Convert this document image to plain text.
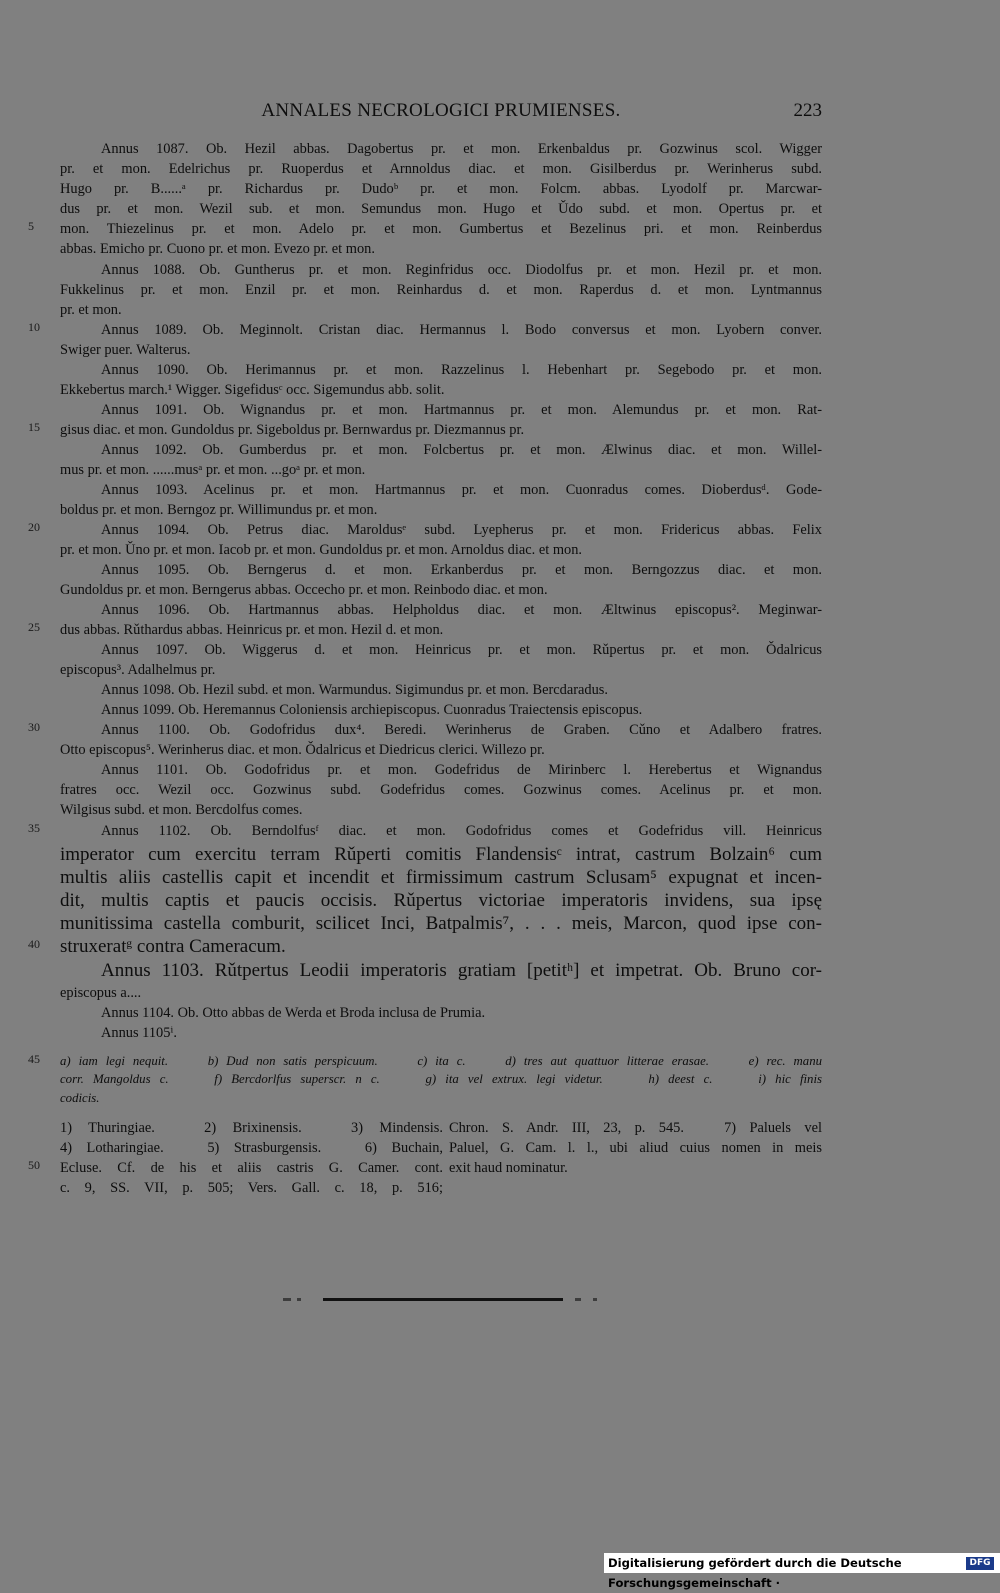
ANNALES NECROLOGICI PRUMIENSES.	223
Annus 1087. Ob. Hezil abbas. Dagobertus pr. et mon. Erkenbaldus pr. Gozwinus scol. Wigger
pr. et mon. Edelrichus pr. Ruoperdus et Arnnoldus diac. et mon. Gisilberdus pr. Werinherus subd.
Hugo pr. B......ᵃ pr. Richardus pr. Dudoᵇ pr. et mon. Folcm. abbas. Lyodolf pr. Marcwar-
dus pr. et mon. Wezil sub. et mon. Semundus mon. Hugo et Ǔdo subd. et mon. Opertus pr. et
mon. Thiezelinus pr. et mon. Adelo pr. et mon. Gumbertus et Bezelinus pri. et mon. Reinberdus
5
abbas. Emicho pr. Cuono pr. et mon. Evezo pr. et mon.
Annus 1088. Ob. Guntherus pr. et mon. Reginfridus occ. Diodolfus pr. et mon. Hezil pr. et mon.
Fukkelinus pr. et mon. Enzil pr. et mon. Reinhardus d. et mon. Raperdus d. et mon. Lyntmannus
pr. et mon.
Annus 1089. Ob. Meginnolt. Cristan diac. Hermannus l. Bodo conversus et mon. Lyobern conver.
10
Swiger puer. Walterus.
Annus 1090. Ob. Herimannus pr. et mon. Razzelinus l. Hebenhart pr. Segebodo pr. et mon.
Ekkebertus march.¹ Wigger. Sigefidusᶜ occ. Sigemundus abb. solit.
Annus 1091. Ob. Wignandus pr. et mon. Hartmannus pr. et mon. Alemundus pr. et mon. Rat-
gisus diac. et mon. Gundoldus pr. Sigeboldus pr. Bernwardus pr. Diezmannus pr.
15
Annus 1092. Ob. Gumberdus pr. et mon. Folcbertus pr. et mon. Ælwinus diac. et mon. Willel-
mus pr. et mon. ......musᵃ pr. et mon. ...goᵃ pr. et mon.
Annus 1093. Acelinus pr. et mon. Hartmannus pr. et mon. Cuonradus comes. Dioberdusᵈ. Gode-
boldus pr. et mon. Berngoz pr. Willimundus pr. et mon.
Annus 1094. Ob. Petrus diac. Maroldusᵉ subd. Lyepherus pr. et mon. Fridericus abbas. Felix
20
pr. et mon. Ǔno pr. et mon. Iacob pr. et mon. Gundoldus pr. et mon. Arnoldus diac. et mon.
Annus 1095. Ob. Berngerus d. et mon. Erkanberdus pr. et mon. Berngozzus diac. et mon.
Gundoldus pr. et mon. Berngerus abbas. Occecho pr. et mon. Reinbodo diac. et mon.
Annus 1096. Ob. Hartmannus abbas. Helpholdus diac. et mon. Æltwinus episcopus². Meginwar-
dus abbas. Rǔthardus abbas. Heinricus pr. et mon. Hezil d. et mon.
25
Annus 1097. Ob. Wiggerus d. et mon. Heinricus pr. et mon. Rǔpertus pr. et mon. Ǒdalricus
episcopus³. Adalhelmus pr.
Annus 1098. Ob. Hezil subd. et mon. Warmundus. Sigimundus pr. et mon. Bercdaradus.
Annus 1099. Ob. Heremannus Coloniensis archiepiscopus. Cuonradus Traiectensis episcopus.
Annus 1100. Ob. Godofridus dux⁴. Beredi. Werinherus de Graben. Cǔno et Adalbero fratres.
30
Otto episcopus⁵. Werinherus diac. et mon. Ǒdalricus et Diedricus clerici. Willezo pr.
Annus 1101. Ob. Godofridus pr. et mon. Godefridus de Mirinberc l. Herebertus et Wignandus
fratres occ. Wezil occ. Gozwinus subd. Godefridus comes. Gozwinus comes. Acelinus pr. et mon.
Wilgisus subd. et mon. Bercdolfus comes.
Annus 1102. Ob. Berndolfusᶠ diac. et mon. Godofridus comes et Godefridus vill. Heinricus
35
imperator cum exercitu terram Rǔperti comitis Flandensisᶜ intrat, castrum Bolzain⁶ cum
multis aliis castellis capit et incendit et firmissimum castrum Sclusam⁵ expugnat et incen-
dit, multis captis et paucis occisis. Rǔpertus victoriae imperatoris invidens, sua ipsę
munitissima castella comburit, scilicet Inci, Batpalmis⁷, . . . meis, Marcon, quod ipse con-
struxeratᵍ contra Cameracum.
40
Annus 1103. Rǔtpertus Leodii imperatoris gratiam [petitʰ] et impetrat. Ob. Bruno cor-
episcopus a....
Annus 1104. Ob. Otto abbas de Werda et Broda inclusa de Prumia.
Annus 1105ⁱ.
a) iam legi nequit.     b) Dud non satis perspicuum.     c) ita c.     d) tres aut quattuor litterae erasae.     e) rec. manu
45
corr. Mangoldus c.     f) Bercdorlfus superscr. n c.     g) ita vel extrux. legi videtur.     h) deest c.     i) hic finis
codicis.
1) Thuringiae.   2) Brixinensis.   3) Mindensis.
4) Lotharingiae.   5) Strasburgensis.   6) Buchain,
Ecluse. Cf. de his et aliis castris G. Camer. cont.
50
c. 9, SS. VII, p. 505; Vers. Gall. c. 18, p. 516;
Chron. S. Andr. III, 23, p. 545.   7) Paluels vel
Paluel, G. Cam. l. l., ubi aliud cuius nomen in meis
exit haud nominatur.
Digitalisierung gefördert durch die Deutsche Forschungsgemeinschaft ·
DFG
